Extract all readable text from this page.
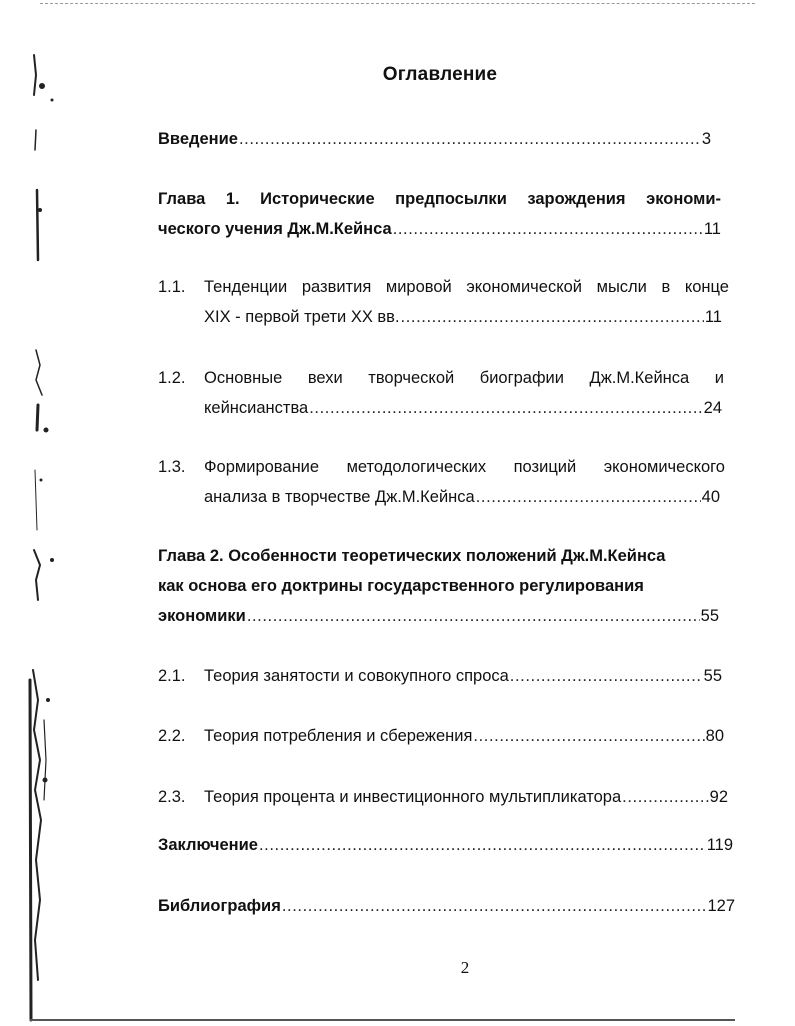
Оглавление
Введение .....	3
Глава 1. Исторические предпосылки зарождения экономи-
ческого учения Дж.М.Кейнса .....	11
1.1. Тенденции развития мировой экономической мысли в конце
XIX - первой трети XX вв. .....	11
1.2. Основные вехи творческой биографии Дж.М.Кейнса и
кейнсианства .....	24
1.3. Формирование методологических позиций экономического
анализа в творчестве Дж.М.Кейнса .....	40
Глава 2. Особенности теоретических положений Дж.М.Кейнса
как основа его доктрины государственного регулирования
экономики .....	55
2.1. Теория занятости и совокупного спроса .....	55
2.2. Теория потребления и сбережения .....	80
2.3. Теория процента и инвестиционного мультипликатора .....	92
Заключение .....	119
Библиография .....	127
2
